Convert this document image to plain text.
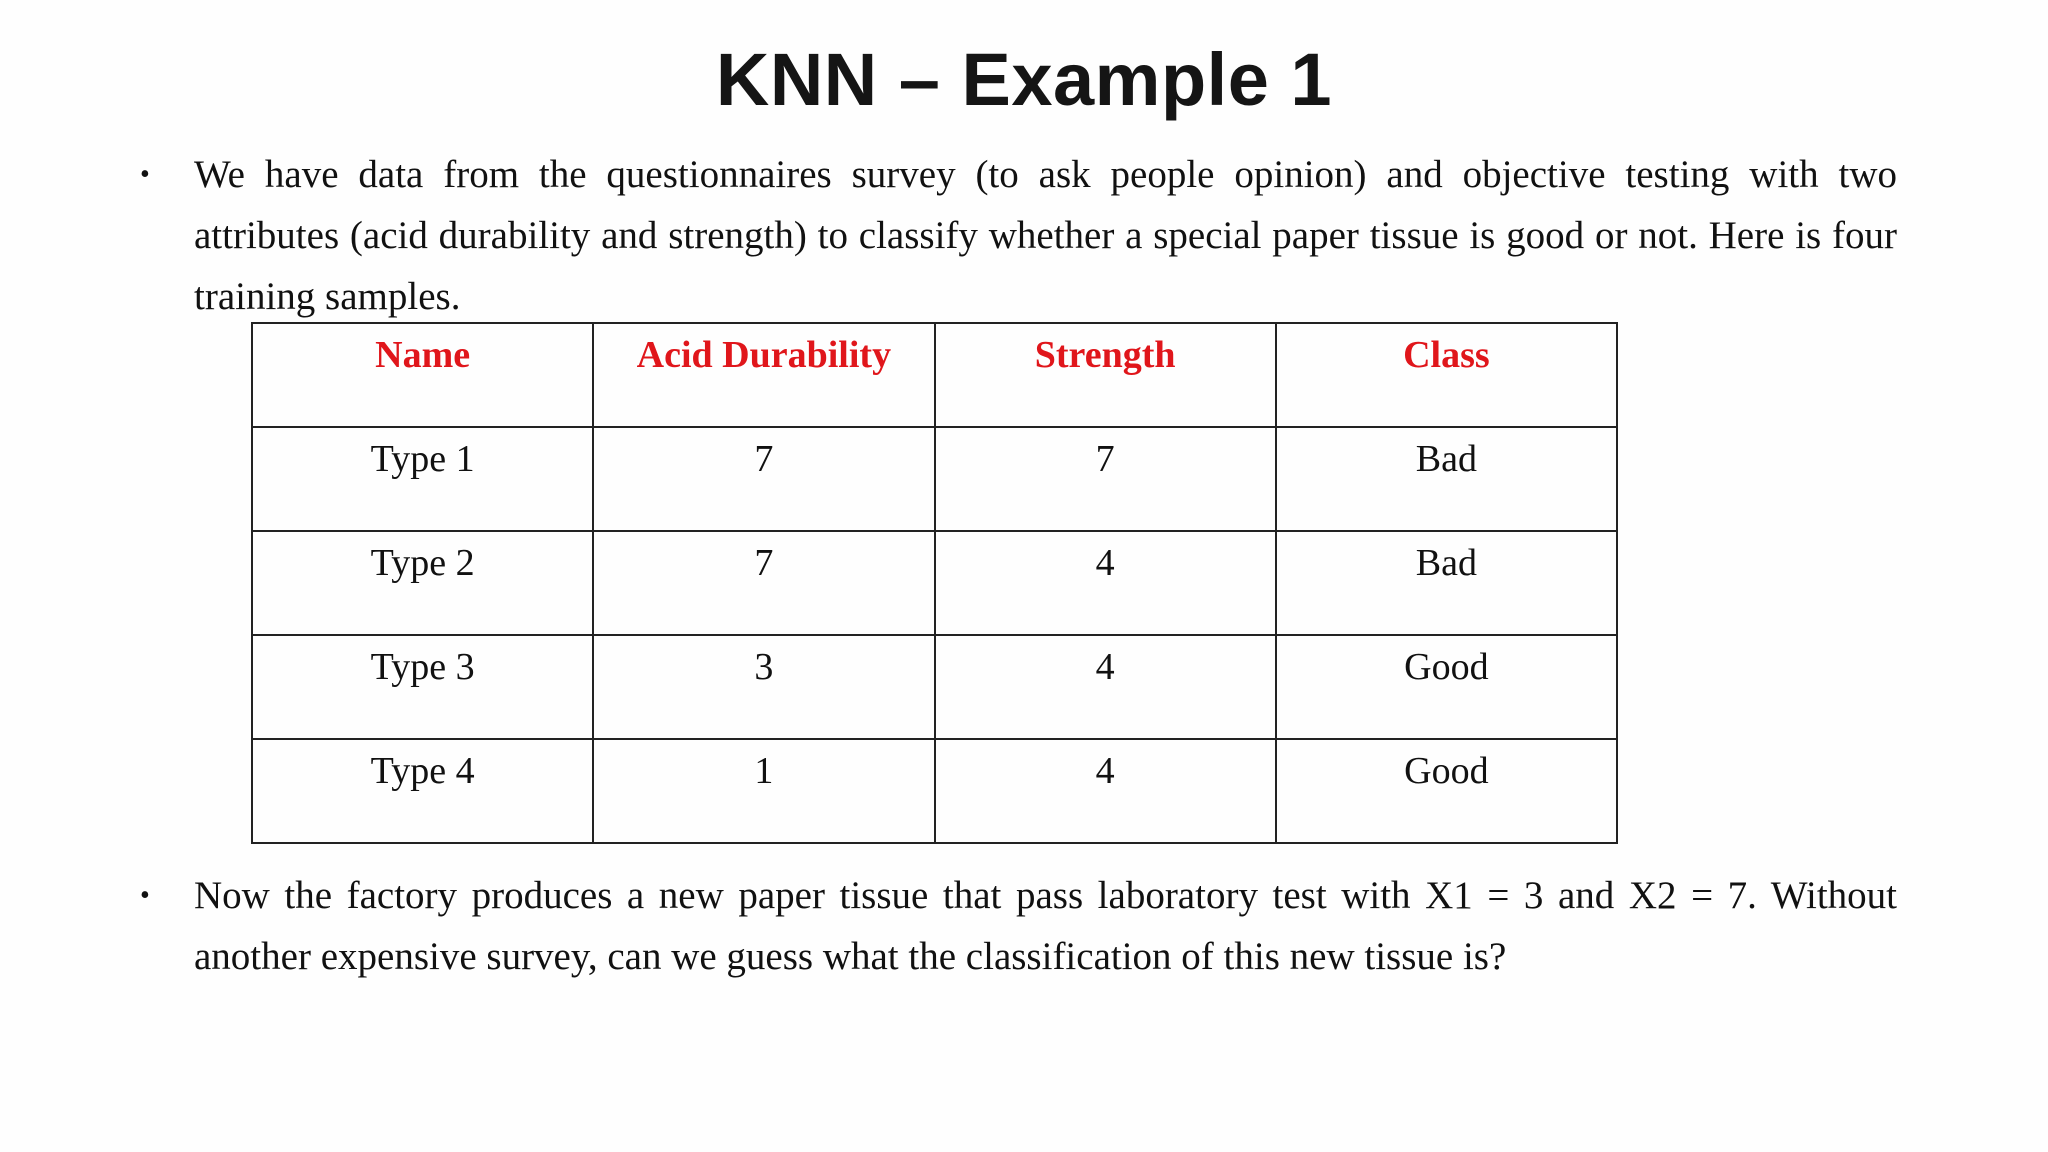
KNN – Example 1
• We have data from the questionnaires survey (to ask people opinion) and objective testing with two attributes (acid durability and strength) to classify whether a special paper tissue is good or not. Here is four training samples.
Name	Acid Durability	Strength	Class
Type 1	7	7	Bad
Type 2	7	4	Bad
Type 3	3	4	Good
Type 4	1	4	Good
• Now the factory produces a new paper tissue that pass laboratory test with X1 = 3 and X2 = 7. Without another expensive survey, can we guess what the classification of this new tissue is?
